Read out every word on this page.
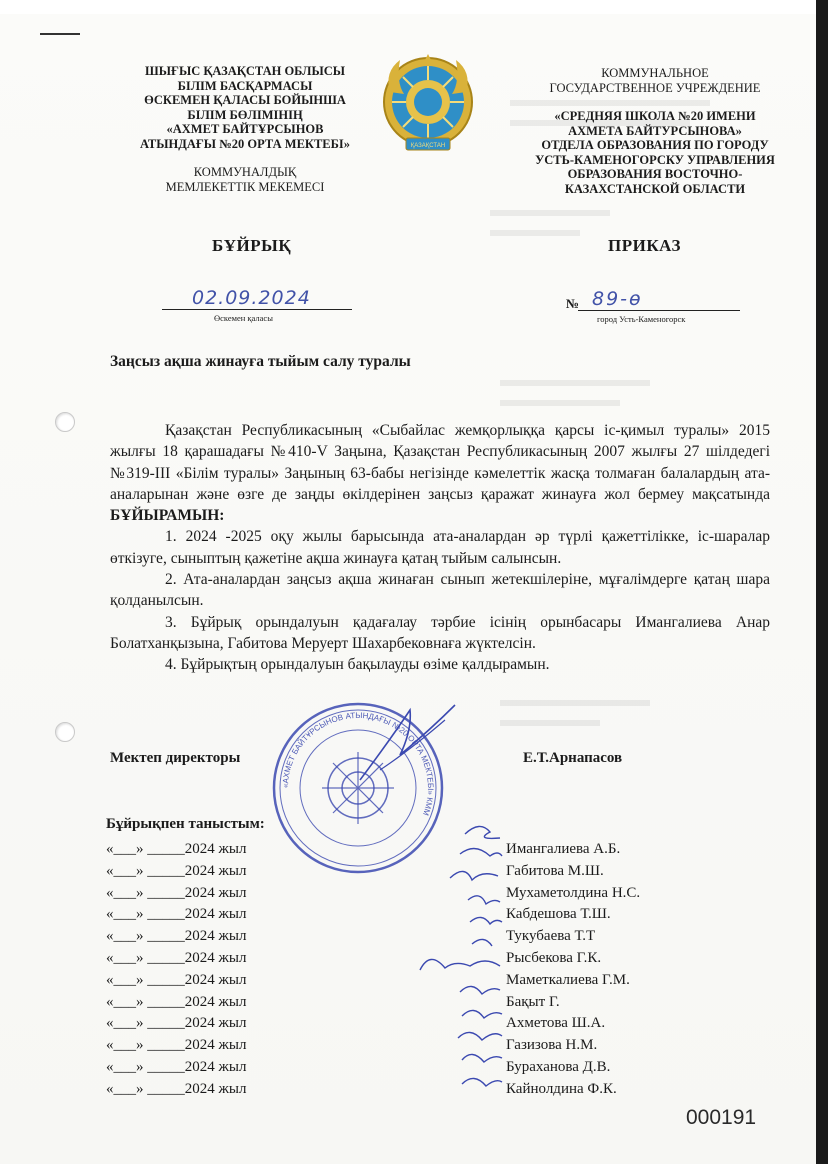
ШЫҒЫС ҚАЗАҚСТАН ОБЛЫСЫ
БІЛІМ БАСҚАРМАСЫ
ӨСКЕМЕН ҚАЛАСЫ БОЙЫНША
БІЛІМ БӨЛІМІНІҢ
«АХМЕТ БАЙТҰРСЫНОВ
АТЫНДАҒЫ №20 ОРТА МЕКТЕБІ»
КОММУНАЛДЫҚ
МЕМЛЕКЕТТІК МЕКЕМЕСІ
ҚАЗАҚСТАН
КОММУНАЛЬНОЕ
ГОСУДАРСТВЕННОЕ УЧРЕЖДЕНИЕ
«СРЕДНЯЯ ШКОЛА №20 ИМЕНИ
АХМЕТА БАЙТУРСЫНОВА»
ОТДЕЛА ОБРАЗОВАНИЯ ПО ГОРОДУ
УСТЬ-КАМЕНОГОРСКУ УПРАВЛЕНИЯ
ОБРАЗОВАНИЯ ВОСТОЧНО-
КАЗАХСТАНСКОЙ ОБЛАСТИ
БҰЙРЫҚ	ПРИКАЗ
02.09.2024
Өскемен қаласы
№ 89-ө
город Усть-Каменогорск
Заңсыз ақша жинауға тыйым салу туралы

Қазақстан Республикасының «Сыбайлас жемқорлыққа қарсы іс-қимыл туралы» 2015 жылғы 18 қарашадағы №410-V Заңына, Қазақстан Республикасының 2007 жылғы 27 шілдедегі №319-ІІІ «Білім туралы» Заңының 63-бабы негізінде кәмелеттік жасқа толмаған балалардың ата-аналарынан және өзге де заңды өкілдерінен заңсыз қаражат жинауға жол бермеу мақсатында БҰЙЫРАМЫН:

1. 2024 -2025 оқу жылы барысында ата-аналардан әр түрлі қажеттілікке, іс-шаралар өткізуге, сыныптың қажетіне ақша жинауға қатаң тыйым салынсын.

2. Ата-аналардан заңсыз ақша жинаған сынып жетекшілеріне, мұғалімдерге қатаң шара қолданылсын.

3. Бұйрық орындалуын қадағалау тәрбие ісінің орынбасары Имангалиева Анар Болатханқызына, Габитова Меруерт Шахарбековнаға жүктелсін.

4. Бұйрықтың орындалуын бақылауды өзіме қалдырамын.

Мектеп директоры	Е.Т.Арнапасов
«АХМЕТ БАЙТҰРСЫНОВ АТЫНДАҒЫ №20 ОРТА МЕКТЕБІ» КММ
Бұйрықпен таныстым:
«___» _____2024 жыл	Имангалиева А.Б.
«___» _____2024 жыл	Габитова М.Ш.
«___» _____2024 жыл	Мухаметолдина Н.С.
«___» _____2024 жыл	Кабдешова Т.Ш.
«___» _____2024 жыл	Тукубаева Т.Т
«___» _____2024 жыл	Рысбекова Г.К.
«___» _____2024 жыл	Маметкалиева Г.М.
«___» _____2024 жыл	Бақыт Г.
«___» _____2024 жыл	Ахметова Ш.А.
«___» _____2024 жыл	Газизова Н.М.
«___» _____2024 жыл	Бураханова Д.В.
«___» _____2024 жыл	Кайнолдина Ф.К.
000191
